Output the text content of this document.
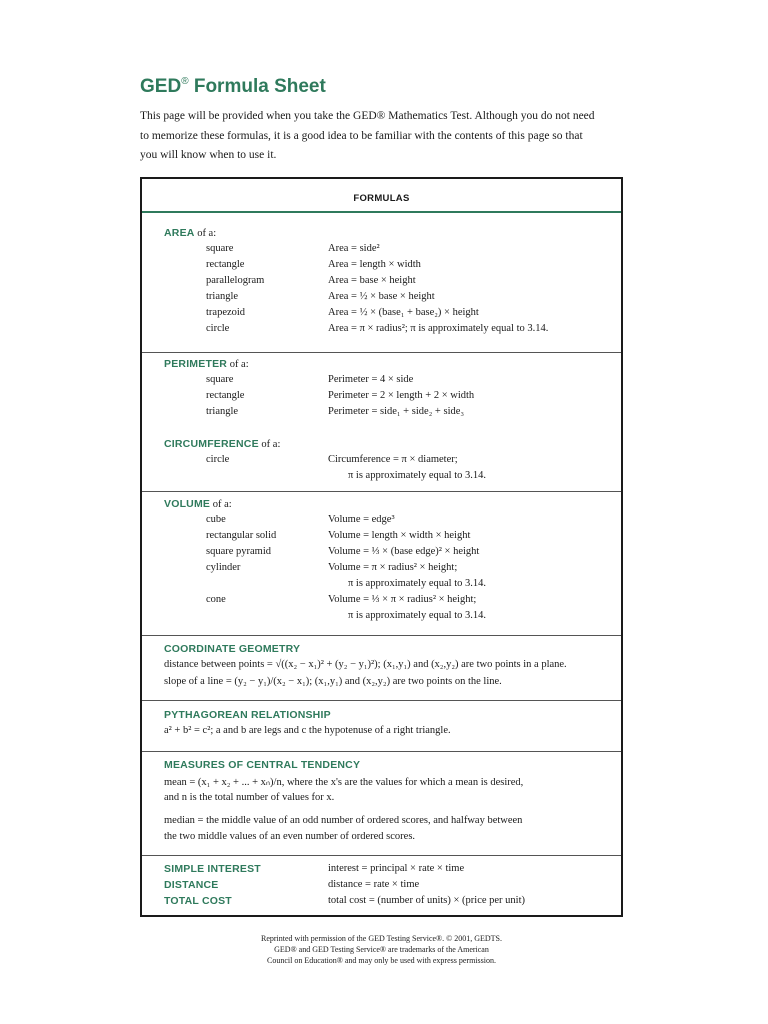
GED® Formula Sheet
This page will be provided when you take the GED® Mathematics Test. Although you do not need
to memorize these formulas, it is a good idea to be familiar with the contents of this page so that
you will know when to use it.
FORMULAS
AREA of a:
square	Area = side²
rectangle	Area = length × width
parallelogram	Area = base × height
triangle	Area = ½ × base × height
trapezoid	Area = ½ × (base₁ + base₂) × height
circle	Area = π × radius²; π is approximately equal to 3.14.
PERIMETER of a:
square	Perimeter = 4 × side
rectangle	Perimeter = 2 × length + 2 × width
triangle	Perimeter = side₁ + side₂ + side₃
CIRCUMFERENCE of a:
circle	Circumference = π × diameter;
π is approximately equal to 3.14.
VOLUME of a:
cube	Volume = edge³
rectangular solid	Volume = length × width × height
square pyramid	Volume = ⅓ × (base edge)² × height
cylinder	Volume = π × radius² × height;
π is approximately equal to 3.14.
cone	Volume = ⅓ × π × radius² × height;
π is approximately equal to 3.14.
COORDINATE GEOMETRY
distance between points = √((x₂ − x₁)² + (y₂ − y₁)²); (x₁,y₁) and (x₂,y₂) are two points in a plane.
slope of a line = (y₂ − y₁)/(x₂ − x₁); (x₁,y₁) and (x₂,y₂) are two points on the line.
PYTHAGOREAN RELATIONSHIP
a² + b² = c²; a and b are legs and c the hypotenuse of a right triangle.
MEASURES OF CENTRAL TENDENCY
mean = (x₁ + x₂ + ... + xₙ)/n, where the x's are the values for which a mean is desired,
and n is the total number of values for x.
median = the middle value of an odd number of ordered scores, and halfway between
the two middle values of an even number of ordered scores.
SIMPLE INTEREST	interest = principal × rate × time
DISTANCE	distance = rate × time
TOTAL COST	total cost = (number of units) × (price per unit)
Reprinted with permission of the GED Testing Service®. © 2001, GEDTS.
GED® and GED Testing Service® are trademarks of the American
Council on Education® and may only be used with express permission.
